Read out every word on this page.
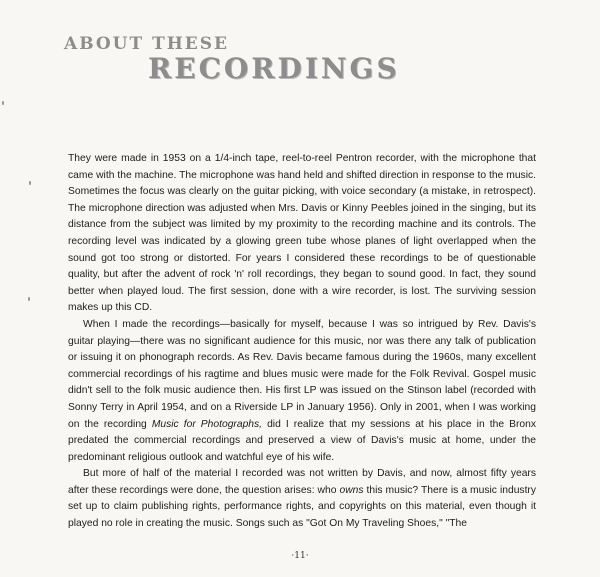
ABOUT THESE
RECORDINGS

They were made in 1953 on a 1/4-inch tape, reel-to-reel Pentron recorder, with the microphone that came with the machine. The microphone was hand held and shifted direction in response to the music. Sometimes the focus was clearly on the guitar picking, with voice secondary (a mistake, in retrospect). The microphone direction was adjusted when Mrs. Davis or Kinny Peebles joined in the singing, but its distance from the subject was limited by my proximity to the recording machine and its controls. The recording level was indicated by a glowing green tube whose planes of light overlapped when the sound got too strong or distorted. For years I considered these recordings to be of questionable quality, but after the advent of rock 'n' roll recordings, they began to sound good. In fact, they sound better when played loud. The first session, done with a wire recorder, is lost. The surviving session makes up this CD.

When I made the recordings—basically for myself, because I was so intrigued by Rev. Davis's guitar playing—there was no significant audience for this music, nor was there any talk of publication or issuing it on phonograph records. As Rev. Davis became famous during the 1960s, many excellent commercial recordings of his ragtime and blues music were made for the Folk Revival. Gospel music didn't sell to the folk music audience then. His first LP was issued on the Stinson label (recorded with Sonny Terry in April 1954, and on a Riverside LP in January 1956). Only in 2001, when I was working on the recording Music for Photographs, did I realize that my sessions at his place in the Bronx predated the commercial recordings and preserved a view of Davis's music at home, under the predominant religious outlook and watchful eye of his wife.

But more of half of the material I recorded was not written by Davis, and now, almost fifty years after these recordings were done, the question arises: who owns this music? There is a music industry set up to claim publishing rights, performance rights, and copyrights on this material, even though it played no role in creating the music. Songs such as "Got On My Traveling Shoes," "The

·11·
